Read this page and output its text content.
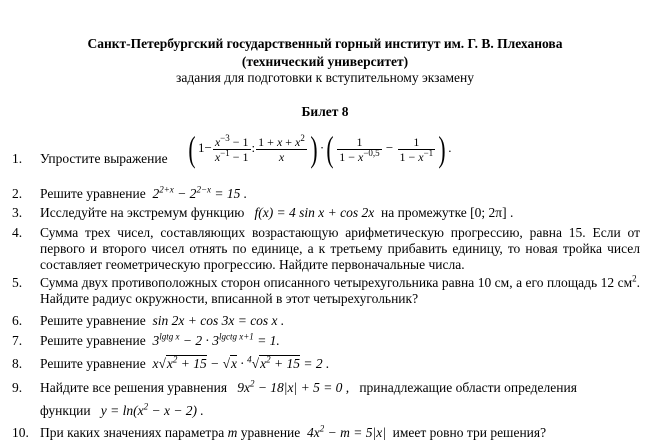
Санкт-Петербургский государственный горный институт им. Г. В. Плеханова
(технический университет)
задания для подготовки к вступительному экзамену
Билет 8
1. Упростите выражение ( $1- \frac{x^{-3} - 1}{x^{-1} - 1}$ : $\frac{1 + x + x^2}{x}$ ) ·( $\frac{1}{1 - x^{-0,5}} - \frac{1}{1 - x^{-1}}$ ) .
2. Решите уравнение  $2^{2+x} - 2^{2-x} = 15$ .
3. Исследуйте на экстремум функцию   f(x) = 4 sin x + cos 2x  на промежутке [0; 2π] .
4. Сумма трех чисел, составляющих возрастающую арифметическую прогрессию, равна 15. Если от первого и второго чисел отнять по единице, а к третьему прибавить единицу, то новая тройка чисел составляет геометрическую прогрессию. Найдите первоначальные числа.
5. Сумма двух противоположных сторон описанного четырехугольника равна 10 см, а его площадь 12 $см^2$. Найдите радиус окружности, вписанной в этот четырехугольник?
6. Решите уравнение  sin 2x + cos 3x = cos x .
7. Решите уравнение  $3^{lgtg x} - 2 \cdot 3^{lgctg x+1} = 1$.
8. Решите уравнение  $x√x^2 + 15 - √x \cdot ^4√x^2 + 15 = 2$ .
9. Найдите все решения уравнения   $9x^2 - 18|x| + 5 = 0$ ,   принадлежащие области определения
функции   $y = \ln(x^2 - x - 2)$ .
10. При каких значениях параметра m уравнение  $4x^2 - m = 5|x|$  имеет ровно три решения?
